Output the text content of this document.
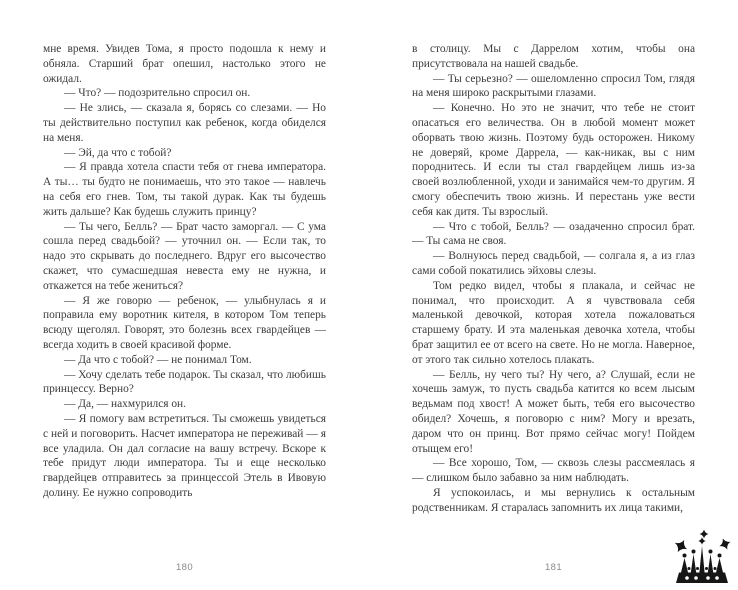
мне время. Увидев Тома, я просто подошла к нему и обняла. Старший брат опешил, настолько этого не ожидал.

— Что? — подозрительно спросил он.

— Не злись, — сказала я, борясь со слезами. — Но ты действительно поступил как ребенок, когда обиделся на меня.

— Эй, да что с тобой?

— Я правда хотела спасти тебя от гнева императора. А ты… ты будто не понимаешь, что это такое — навлечь на себя его гнев. Том, ты такой дурак. Как ты будешь жить дальше? Как будешь служить принцу?

— Ты чего, Белль? — Брат часто заморгал. — С ума сошла перед свадьбой? — уточнил он. — Если так, то надо это скрывать до последнего. Вдруг его высочество скажет, что сумасшедшая невеста ему не нужна, и откажется на тебе жениться?

— Я же говорю — ребенок, — улыбнулась я и поправила ему воротник кителя, в котором Том теперь всюду щеголял. Говорят, это болезнь всех гвардейцев — всегда ходить в своей красивой форме.

— Да что с тобой? — не понимал Том.

— Хочу сделать тебе подарок. Ты сказал, что любишь принцессу. Верно?

— Да, — нахмурился он.

— Я помогу вам встретиться. Ты сможешь увидеться с ней и поговорить. Насчет императора не переживай — я все уладила. Он дал согласие на вашу встречу. Вскоре к тебе придут люди императора. Ты и еще несколько гвардейцев отправитесь за принцессой Этель в Ивовую долину. Ее нужно сопроводить

180

в столицу. Мы с Даррелом хотим, чтобы она присутствовала на нашей свадьбе.

— Ты серьезно? — ошеломленно спросил Том, глядя на меня широко раскрытыми глазами.

— Конечно. Но это не значит, что тебе не стоит опасаться его величества. Он в любой момент может оборвать твою жизнь. Поэтому будь осторожен. Никому не доверяй, кроме Даррела, — как-никак, вы с ним породнитесь. И если ты стал гвардейцем лишь из-за своей возлюбленной, уходи и занимайся чем-то другим. Я смогу обеспечить твою жизнь. И перестань уже вести себя как дитя. Ты взрослый.

— Что с тобой, Белль? — озадаченно спросил брат. — Ты сама не своя.

— Волнуюсь перед свадьбой, — солгала я, а из глаз сами собой покатились эйховы слезы.

Том редко видел, чтобы я плакала, и сейчас не понимал, что происходит. А я чувствовала себя маленькой девочкой, которая хотела пожаловаться старшему брату. И эта маленькая девочка хотела, чтобы брат защитил ее от всего на свете. Но не могла. Наверное, от этого так сильно хотелось плакать.

— Белль, ну чего ты? Ну чего, а? Слушай, если не хочешь замуж, то пусть свадьба катится ко всем лысым ведьмам под хвост! А может быть, тебя его высочество обидел? Хочешь, я поговорю с ним? Могу и врезать, даром что он принц. Вот прямо сейчас могу! Пойдем отыщем его!

— Все хорошо, Том, — сквозь слезы рассмеялась я — слишком было забавно за ним наблюдать.

Я успокоилась, и мы вернулись к остальным родственникам. Я старалась запомнить их лица такими,

181
